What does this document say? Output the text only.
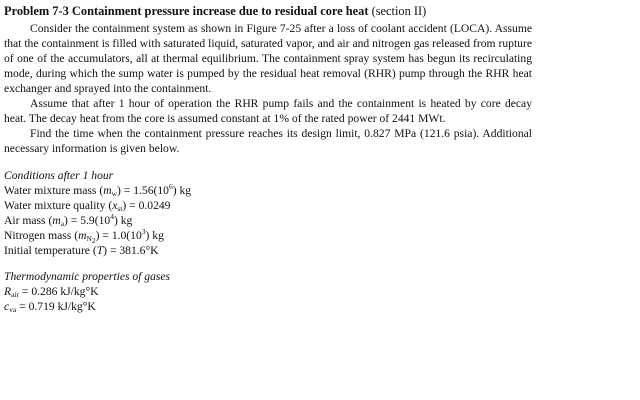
Problem 7-3 Containment pressure increase due to residual core heat (section II)

Consider the containment system as shown in Figure 7-25 after a loss of coolant accident (LOCA). Assume that the containment is filled with saturated liquid, saturated vapor, and air and nitrogen gas released from rupture of one of the accumulators, all at thermal equilibrium. The containment spray system has begun its recirculating mode, during which the sump water is pumped by the residual heat removal (RHR) pump through the RHR heat exchanger and sprayed into the containment.

Assume that after 1 hour of operation the RHR pump fails and the containment is heated by core decay heat. The decay heat from the core is assumed constant at 1% of the rated power of 2441 MWt.

Find the time when the containment pressure reaches its design limit, 0.827 MPa (121.6 psia). Additional necessary information is given below.

Conditions after 1 hour
Water mixture mass $(m_w) = 1.56(10^6)$ kg
Water mixture quality $(x_{st}) = 0.0249$
Air mass $(m_a) = 5.9(10^4)$ kg
Nitrogen mass $(m_{N_2}) = 1.0(10^3)$ kg
Initial temperature (T) = 381.6°K
Thermodynamic properties of gases
$R_{air} = 0.286$ kJ/kg°K
$c_{va} = 0.719$ kJ/kg°K
